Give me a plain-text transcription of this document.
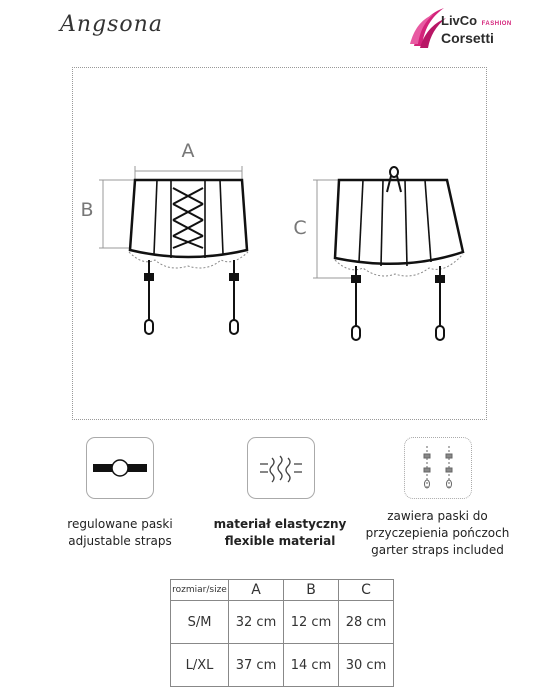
Angsona	LivCo FASHION
Corsetti
A
B
C
regulowane paski
adjustable straps
materiał elastyczny
flexible material
zawiera paski do
przyczepienia pończoch
garter straps included
rozmiar/size	A	B	C
S/M	32 cm	12 cm	28 cm
L/XL	37 cm	14 cm	30 cm
